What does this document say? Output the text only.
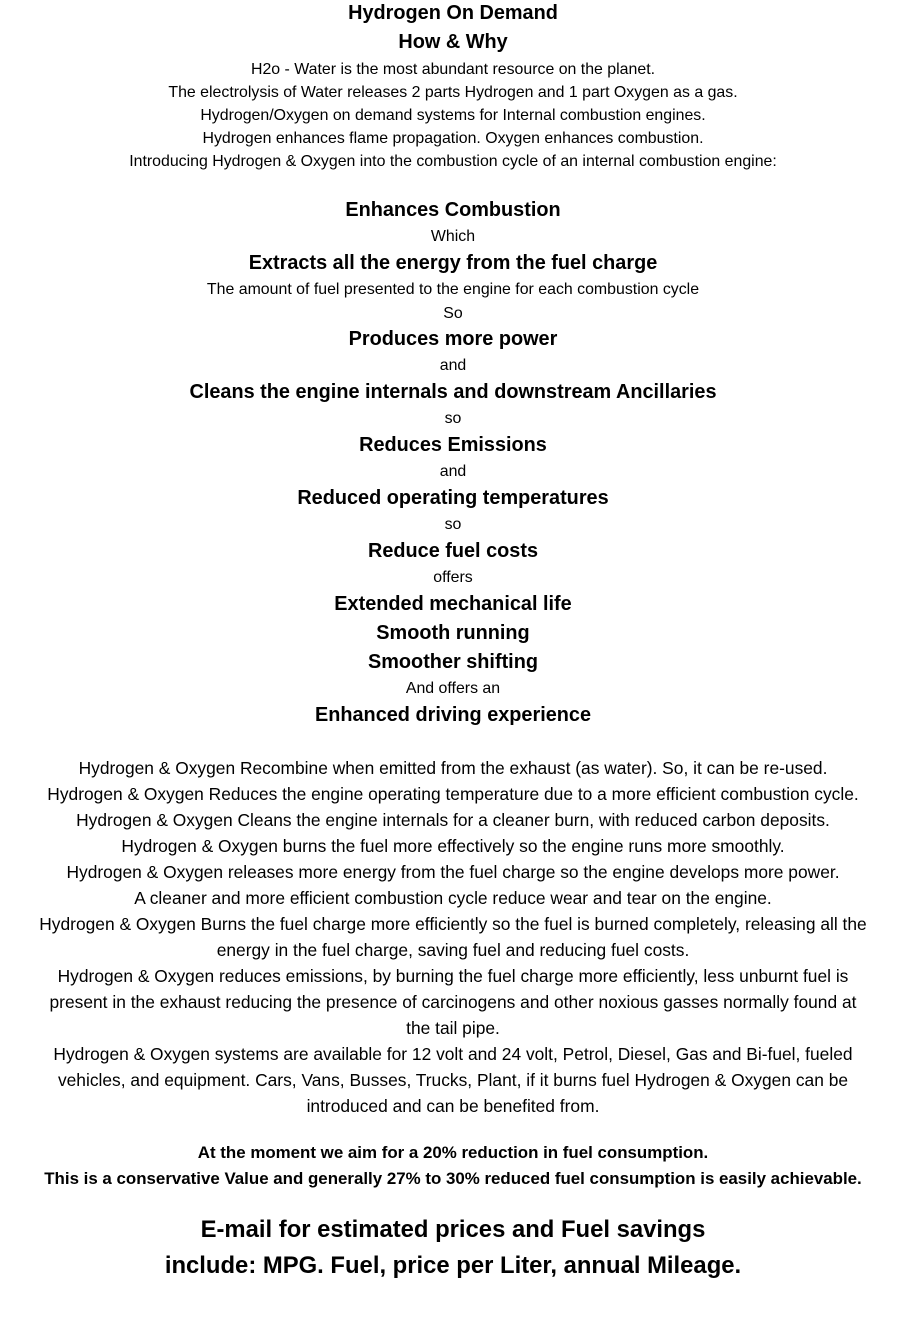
Hydrogen On Demand
How & Why
H2o - Water is the most abundant resource on the planet.
The electrolysis of Water releases 2 parts Hydrogen and 1 part Oxygen as a gas.
Hydrogen/Oxygen on demand systems for Internal combustion engines.
Hydrogen enhances flame propagation. Oxygen enhances combustion.
Introducing Hydrogen & Oxygen into the combustion cycle of an internal combustion engine:
Enhances Combustion
Which
Extracts all the energy from the fuel charge
The amount of fuel presented to the engine for each combustion cycle
So
Produces more power
and
Cleans the engine internals and downstream Ancillaries
so
Reduces Emissions
and
Reduced operating temperatures
so
Reduce fuel costs
offers
Extended mechanical life
Smooth running
Smoother shifting
And offers an
Enhanced driving experience
Hydrogen & Oxygen Recombine when emitted from the exhaust (as water). So, it can be re-used.
Hydrogen & Oxygen Reduces the engine operating temperature due to a more efficient combustion cycle.
Hydrogen & Oxygen Cleans the engine internals for a cleaner burn, with reduced carbon deposits.
Hydrogen & Oxygen burns the fuel more effectively so the engine runs more smoothly.
Hydrogen & Oxygen releases more energy from the fuel charge so the engine develops more power.
A cleaner and more efficient combustion cycle reduce wear and tear on the engine.
Hydrogen & Oxygen Burns the fuel charge more efficiently so the fuel is burned completely, releasing all the
energy in the fuel charge, saving fuel and reducing fuel costs.
Hydrogen & Oxygen reduces emissions, by burning the fuel charge more efficiently, less unburnt fuel is
present in the exhaust reducing the presence of carcinogens and other noxious gasses normally found at
the tail pipe.
Hydrogen & Oxygen systems are available for 12 volt and 24 volt, Petrol, Diesel, Gas and Bi-fuel, fueled
vehicles, and equipment. Cars, Vans, Busses, Trucks, Plant, if it burns fuel Hydrogen & Oxygen can be
introduced and can be benefited from.
At the moment we aim for a 20% reduction in fuel consumption.
This is a conservative Value and generally 27% to 30% reduced fuel consumption is easily achievable.
E-mail for estimated prices and Fuel savings
include: MPG. Fuel, price per Liter, annual Mileage.
